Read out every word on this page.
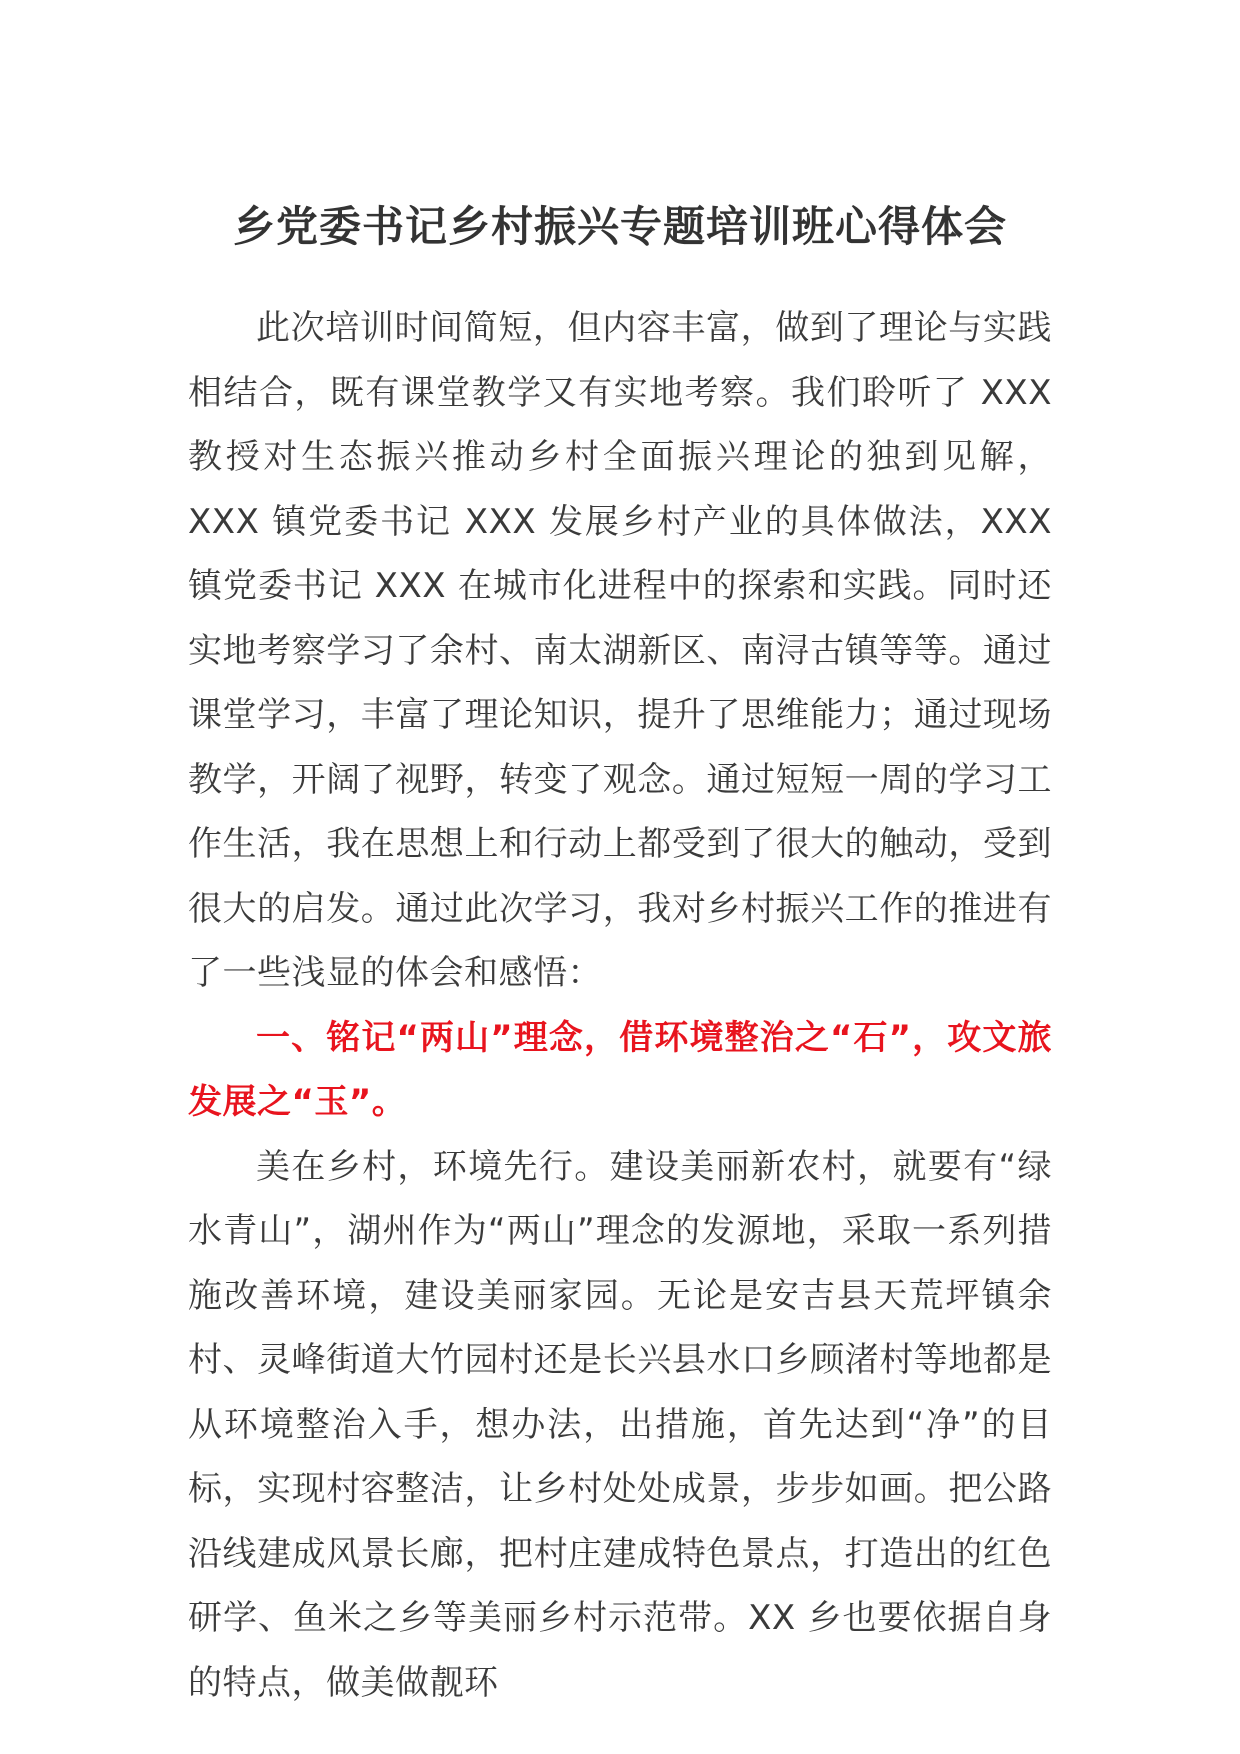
乡党委书记乡村振兴专题培训班心得体会

此次培训时间简短，但内容丰富，做到了理论与实践相结合，既有课堂教学又有实地考察。我们聆听了 XXX 教授对生态振兴推动乡村全面振兴理论的独到见解，XXX 镇党委书记 XXX 发展乡村产业的具体做法，XXX 镇党委书记 XXX 在城市化进程中的探索和实践。同时还实地考察学习了余村、南太湖新区、南浔古镇等等。通过课堂学习，丰富了理论知识，提升了思维能力；通过现场教学，开阔了视野，转变了观念。通过短短一周的学习工作生活，我在思想上和行动上都受到了很大的触动，受到很大的启发。通过此次学习，我对乡村振兴工作的推进有了一些浅显的体会和感悟：

一、铭记“两山”理念，借环境整治之“石”，攻文旅发展之“玉”。

美在乡村，环境先行。建设美丽新农村，就要有“绿水青山”，湖州作为“两山”理念的发源地，采取一系列措施改善环境，建设美丽家园。无论是安吉县天荒坪镇余村、灵峰街道大竹园村还是长兴县水口乡顾渚村等地都是从环境整治入手，想办法，出措施，首先达到“净”的目标，实现村容整洁，让乡村处处成景，步步如画。把公路沿线建成风景长廊，把村庄建成特色景点，打造出的红色研学、鱼米之乡等美丽乡村示范带。XX 乡也要依据自身的特点，做美做靓环
